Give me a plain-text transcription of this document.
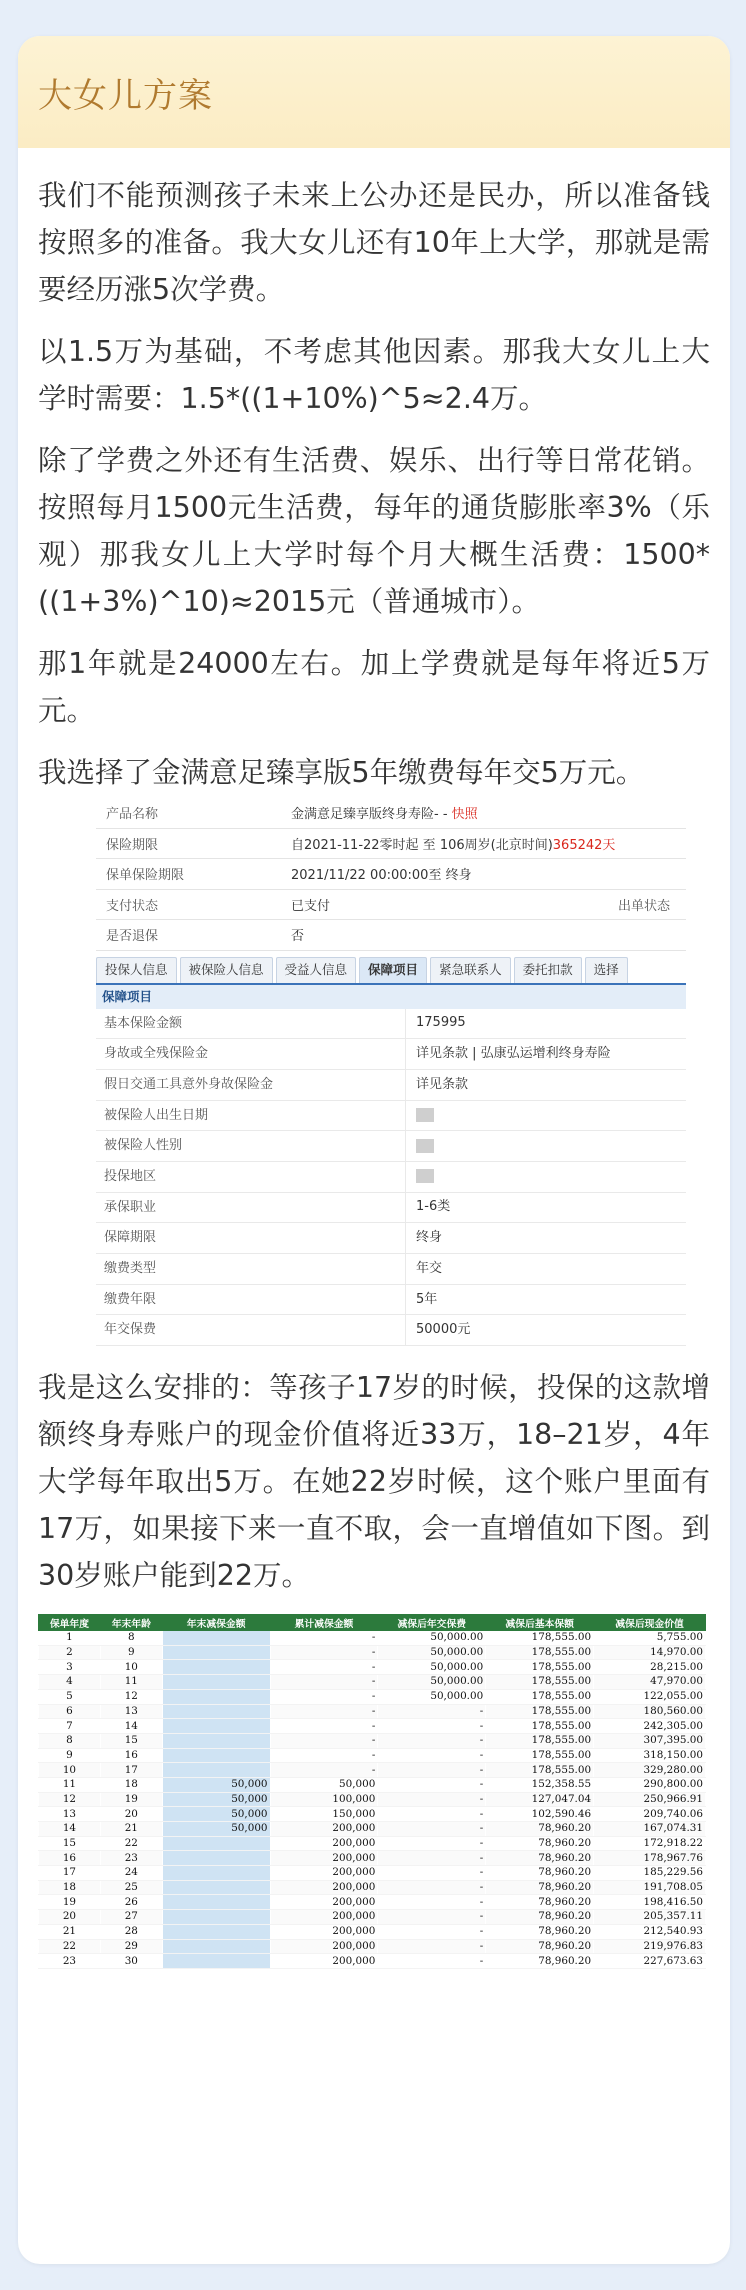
大女儿方案

我们不能预测孩子未来上公办还是民办，所以准备钱按照多的准备。我大女儿还有10年上大学，那就是需要经历涨5次学费。

以1.5万为基础，不考虑其他因素。那我大女儿上大学时需要：1.5*((1+10%)^5≈2.4万。

除了学费之外还有生活费、娱乐、出行等日常花销。按照每月1500元生活费，每年的通货膨胀率3%（乐观）那我女儿上大学时每个月大概生活费：1500*((1+3%)^10)≈2015元（普通城市）。

那1年就是24000左右。加上学费就是每年将近5万元。

我选择了金满意足臻享版5年缴费每年交5万元。

产品名称	金满意足臻享版终身寿险- - 快照
保险期限	自2021-11-22零时起 至 106周岁(北京时间)365242天
保单保险期限	2021/11/22 00:00:00至 终身
支付状态	已支付	出单状态
是否退保	否
投保人信息	被保险人信息	受益人信息	保障项目	紧急联系人	委托扣款	选择
保障项目
基本保险金额	175995
身故或全残保险金	详见条款 | 弘康弘运增利终身寿险
假日交通工具意外身故保险金	详见条款
被保险人出生日期
被保险人性别
投保地区
承保职业	1-6类
保障期限	终身
缴费类型	年交
缴费年限	5年
年交保费	50000元

我是这么安排的：等孩子17岁的时候，投保的这款增额终身寿账户的现金价值将近33万，18–21岁，4年大学每年取出5万。在她22岁时候，这个账户里面有17万，如果接下来一直不取，会一直增值如下图。到30岁账户能到22万。

保单年度	年末年龄	年末减保金额	累计减保金额	减保后年交保费	减保后基本保额	减保后现金价值
1	8		-	50,000.00	178,555.00	5,755.00
2	9		-	50,000.00	178,555.00	14,970.00
3	10		-	50,000.00	178,555.00	28,215.00
4	11		-	50,000.00	178,555.00	47,970.00
5	12		-	50,000.00	178,555.00	122,055.00
6	13		-	-	178,555.00	180,560.00
7	14		-	-	178,555.00	242,305.00
8	15		-	-	178,555.00	307,395.00
9	16		-	-	178,555.00	318,150.00
10	17		-	-	178,555.00	329,280.00
11	18	50,000	50,000	-	152,358.55	290,800.00
12	19	50,000	100,000	-	127,047.04	250,966.91
13	20	50,000	150,000	-	102,590.46	209,740.06
14	21	50,000	200,000	-	78,960.20	167,074.31
15	22		200,000	-	78,960.20	172,918.22
16	23		200,000	-	78,960.20	178,967.76
17	24		200,000	-	78,960.20	185,229.56
18	25		200,000	-	78,960.20	191,708.05
19	26		200,000	-	78,960.20	198,416.50
20	27		200,000	-	78,960.20	205,357.11
21	28		200,000	-	78,960.20	212,540.93
22	29		200,000	-	78,960.20	219,976.83
23	30		200,000	-	78,960.20	227,673.63
